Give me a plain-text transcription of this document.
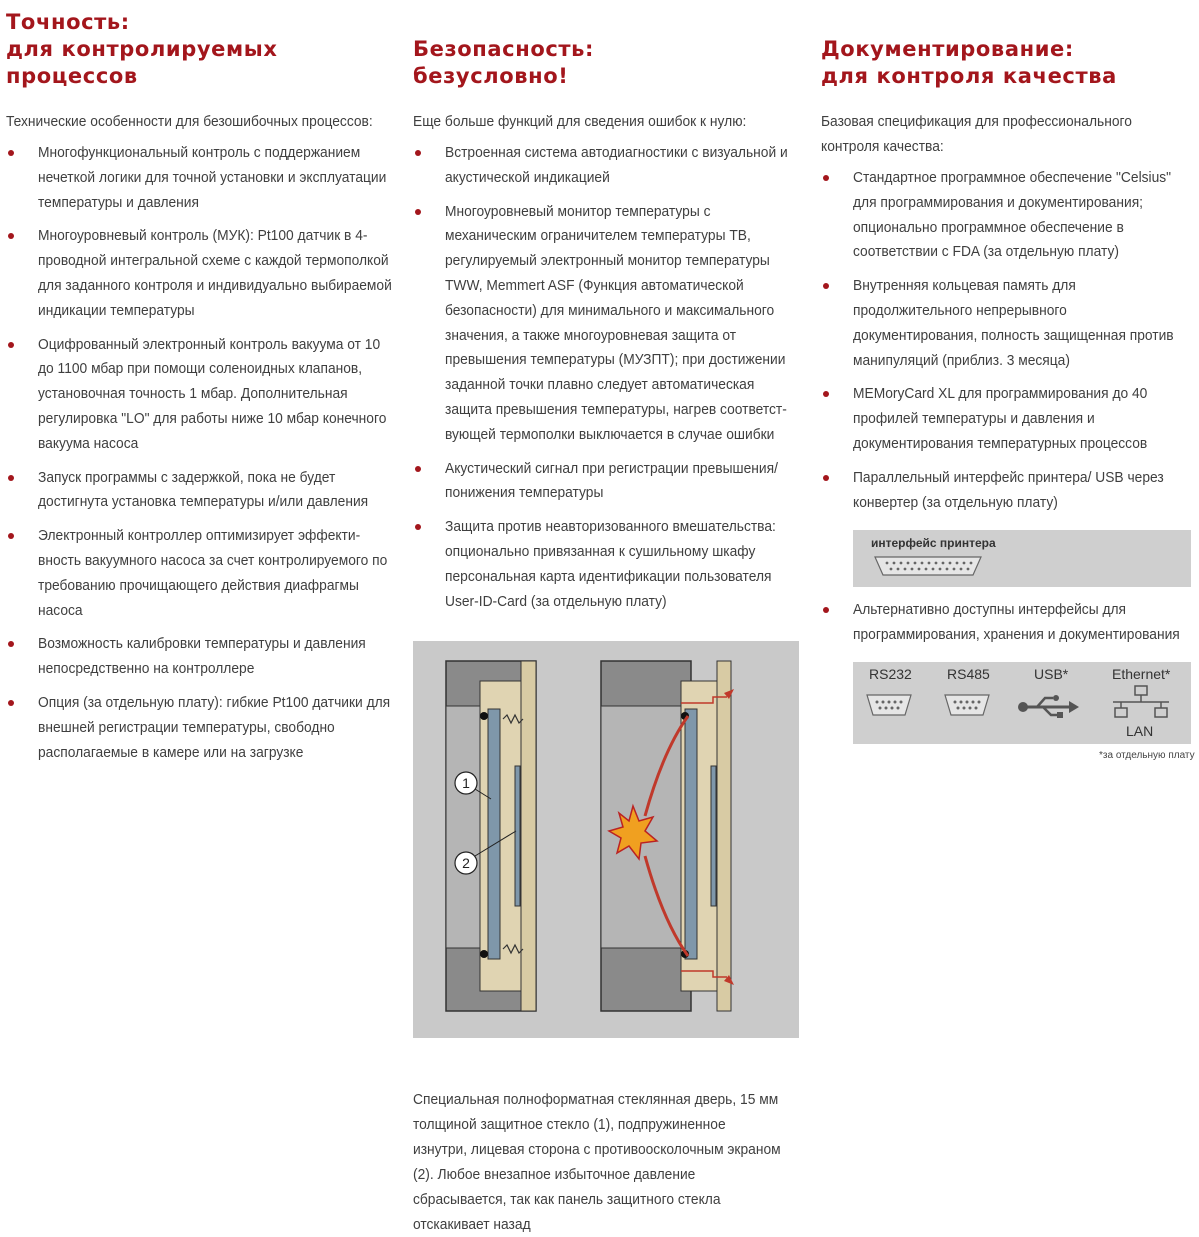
Точность:
для контролируемых
процессов

Технические особенности для безошибочных процессов:

Многофункциональный контроль с поддержанием нечеткой логики для точной установки и эксплуатации температуры и давления
Многоуровневый контроль (МУК): Pt100 датчик в 4-проводной интегральной схеме с каждой термополкой для заданного контроля и индивидуально выбираемой индикации температуры
Оцифрованный электронный контроль вакуума от 10 до 1100 мбар при помощи соленоидных клапанов, установочная точность 1 мбар. Дополнительная регулировка "LO" для работы ниже 10 мбар конечного вакуума насоса
Запуск программы с задержкой, пока не будет достигнута установка температуры и/или давления
Электронный контроллер оптимизирует эффекти- вность вакуумного насоса за счет контролируемого по требованию прочищающего действия диафрагмы насоса
Возможность калибровки температуры и давления непосредственно на контроллере
Опция (за отдельную плату): гибкие Pt100 датчики для внешней регистрации температуры, свободно располагаемые в камере или на загрузке
Безопасность:
безусловно!

Еще больше функций для сведения ошибок к нулю:

Встроенная система автодиагностики с визуальной и акустической индикацией
Многоуровневый монитор температуры с механическим ограничителем температуры TB, регулируемый электронный монитор температуры TWW, Memmert ASF (Функция автоматической безопасности) для минимального и максимального значения, а также многоуровневая защита от превышения температуры (МУЗПТ); при достижении заданной точки плавно следует автоматическая защита превышения температуры, нагрев соответст- вующей термополки выключается в случае ошибки
Акустический сигнал при регистрации превышения/ понижения температуры
Защита против неавторизованного вмешательства: опционально привязанная к сушильному шкафу персональная карта идентификации пользователя User-ID-Card (за отдельную плату)
1
2

Специальная полноформатная стеклянная дверь, 15 мм толщиной защитное стекло (1), подпружиненное изнутри, лицевая сторона с противоосколочным экраном (2). Любое внезапное избыточное давление сбрасывается, так как панель защитного стекла отскакивает назад

Документирование:
для контроля качества

Базовая спецификация для профессионального контроля качества:

Стандартное программное обеспечение "Celsius" для программирования и документирования; опционально программное обеспечение в соответствии с FDA (за отдельную плату)
Внутренняя кольцевая память для продолжительного непрерывного документирования, полность защищенная против манипуляций (приблиз. 3 месяца)
MEMoryCard XL для программирования до 40 профилей температуры и давления и документирования температурных процессов
Параллельный интерфейс принтера/ USB через конвертер (за отдельную плату)
интерфейс принтера
Альтернативно доступны интерфейсы для программирования, хранения и документирования
RS232	RS485	USB*	Ethernet*
LAN
*за отдельную плату
